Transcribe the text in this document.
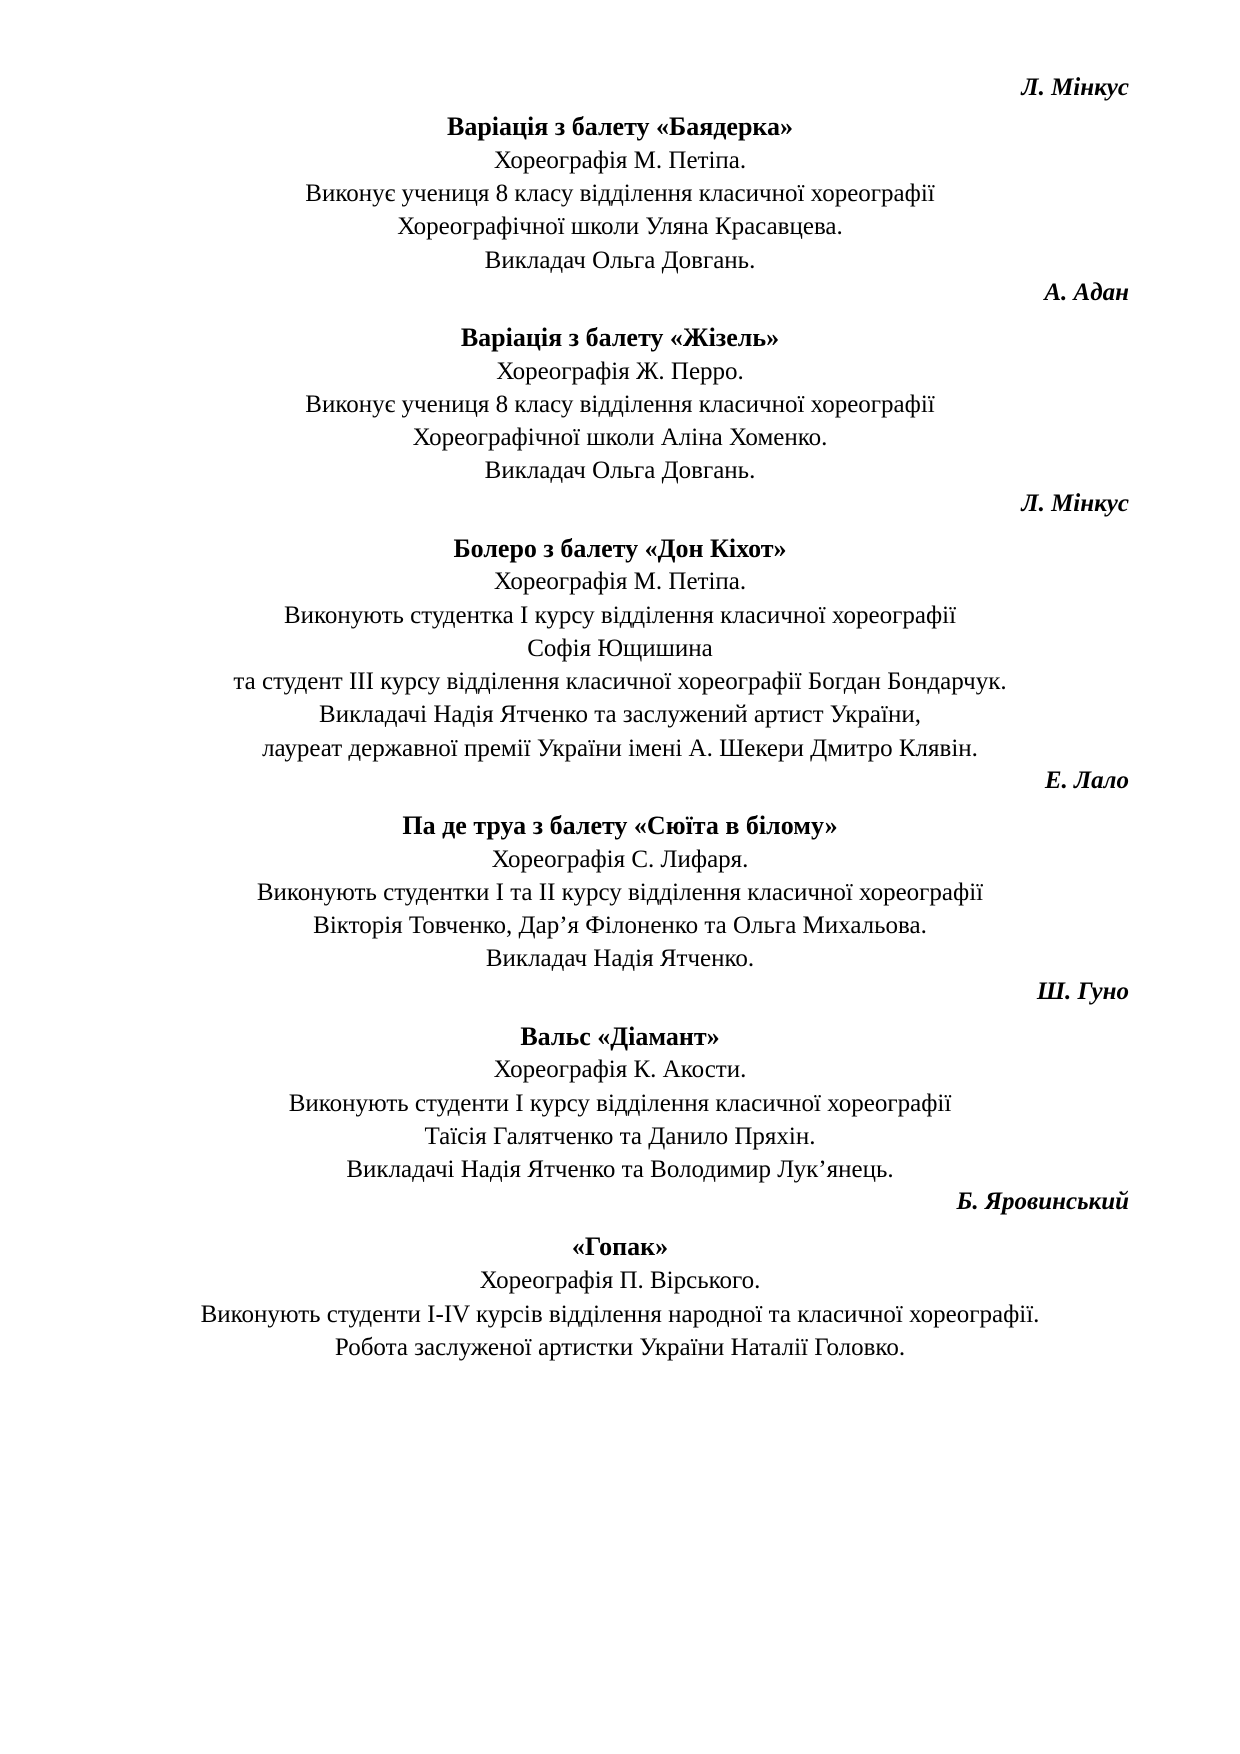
Л. Мінкус
Варіація з балету «Баядерка»
Хореографія М. Петіпа.
Виконує учениця 8 класу відділення класичної хореографії
Хореографічної школи Уляна Красавцева.
Викладач Ольга Довгань.
А. Адан
Варіація з балету «Жізель»
Хореографія Ж. Перро.
Виконує учениця 8 класу відділення класичної хореографії
Хореографічної школи Аліна Хоменко.
Викладач Ольга Довгань.
Л. Мінкус
Болеро з балету «Дон Кіхот»
Хореографія М. Петіпа.
Виконують студентка I курсу відділення класичної хореографії
Софія Ющишина
та студент III курсу відділення класичної хореографії Богдан Бондарчук.
Викладачі Надія Ятченко та заслужений артист України,
лауреат державної премії України імені А. Шекери Дмитро Клявін.
Е. Лало
Па де труа з балету «Сюїта в білому»
Хореографія С. Лифаря.
Виконують студентки I та II курсу відділення класичної хореографії
Вікторія Товченко, Дар’я Філоненко та Ольга Михальова.
Викладач Надія Ятченко.
Ш. Гуно
Вальс «Діамант»
Хореографія К. Акости.
Виконують студенти I курсу відділення класичної хореографії
Таїсія Галятченко та Данило Пряхін.
Викладачі Надія Ятченко та Володимир Лук’янець.
Б. Яровинський
«Гопак»
Хореографія П. Вірського.
Виконують студенти I-IV курсів відділення народної та класичної хореографії.
Робота заслуженої артистки України Наталії Головко.
